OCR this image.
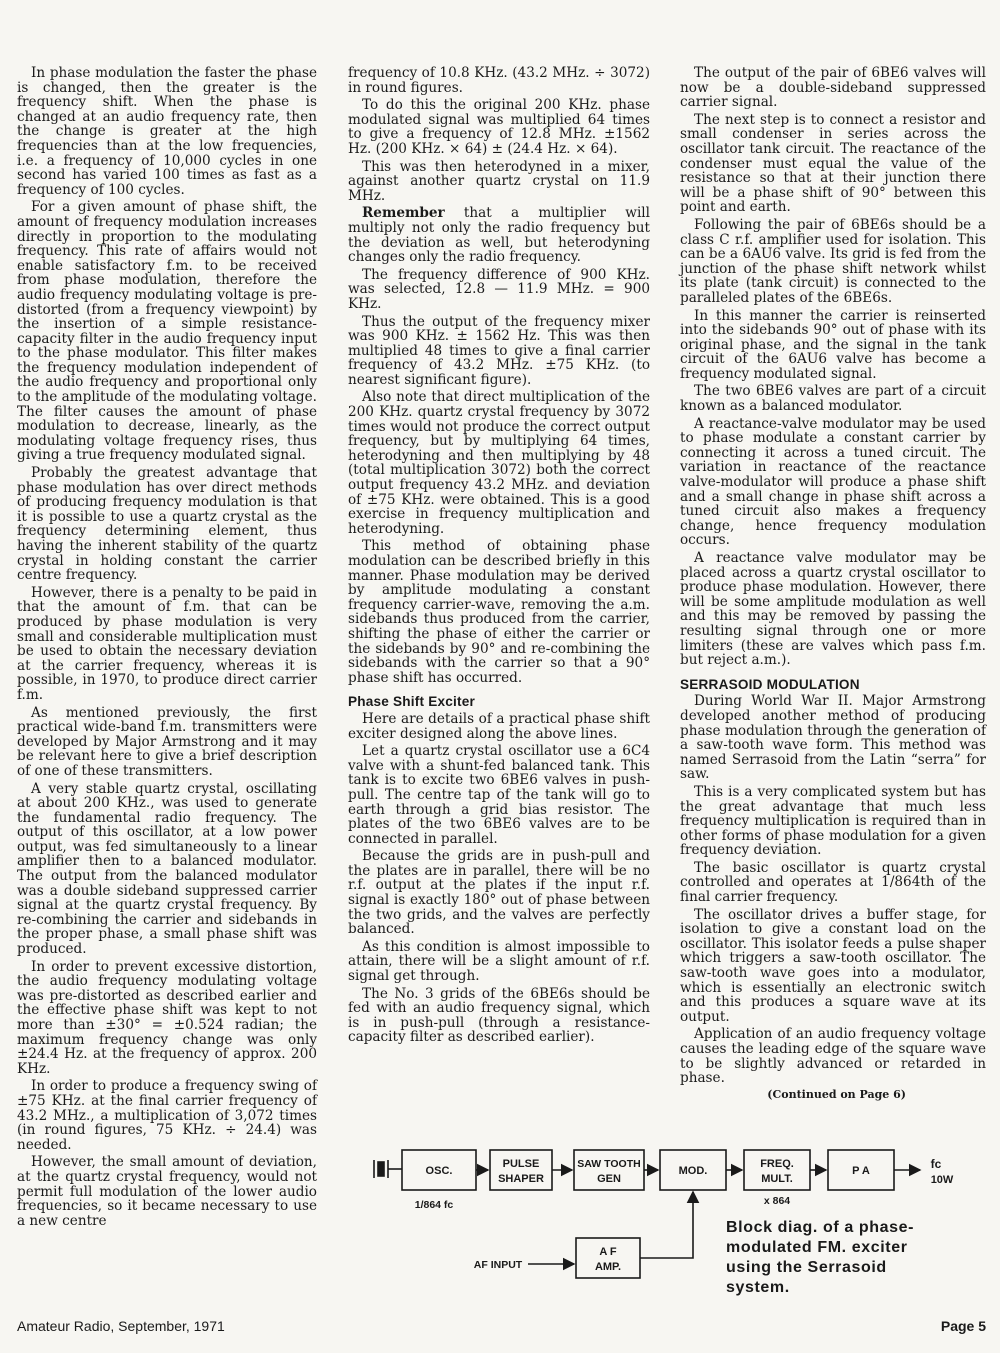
In phase modulation the faster the phase is changed, then the greater is the frequency shift. When the phase is changed at an audio frequency rate, then the change is greater at the high frequencies than at the low frequencies, i.e. a frequency of 10,000 cycles in one second has varied 100 times as fast as a frequency of 100 cycles.

For a given amount of phase shift, the amount of frequency modulation increases directly in proportion to the modulating frequency. This rate of affairs would not enable satisfactory f.m. to be received from phase modulation, therefore the audio frequency modulating voltage is pre-distorted (from a frequency viewpoint) by the insertion of a simple resistance-capacity filter in the audio frequency input to the phase modulator. This filter makes the frequency modulation independent of the audio frequency and proportional only to the amplitude of the modulating voltage. The filter causes the amount of phase modulation to decrease, linearly, as the modulating voltage frequency rises, thus giving a true frequency modulated signal.

Probably the greatest advantage that phase modulation has over direct methods of producing frequency modulation is that it is possible to use a quartz crystal as the frequency determining element, thus having the inherent stability of the quartz crystal in holding constant the carrier centre frequency.

However, there is a penalty to be paid in that the amount of f.m. that can be produced by phase modulation is very small and considerable multiplication must be used to obtain the necessary deviation at the carrier frequency, whereas it is possible, in 1970, to produce direct carrier f.m.

As mentioned previously, the first practical wide-band f.m. transmitters were developed by Major Armstrong and it may be relevant here to give a brief description of one of these transmitters.

A very stable quartz crystal, oscillating at about 200 KHz., was used to generate the fundamental radio frequency. The output of this oscillator, at a low power output, was fed simultaneously to a linear amplifier then to a balanced modulator. The output from the balanced modulator was a double sideband suppressed carrier signal at the quartz crystal frequency. By re-combining the carrier and sidebands in the proper phase, a small phase shift was produced.

In order to prevent excessive distortion, the audio frequency modulating voltage was pre-distorted as described earlier and the effective phase shift was kept to not more than ±30° = ±0.524 radian; the maximum frequency change was only ±24.4 Hz. at the frequency of approx. 200 KHz.

In order to produce a frequency swing of ±75 KHz. at the final carrier frequency of 43.2 MHz., a multiplication of 3,072 times (in round figures, 75 KHz. ÷ 24.4) was needed.

However, the small amount of deviation, at the quartz crystal frequency, would not permit full modulation of the lower audio frequencies, so it became necessary to use a new centre

frequency of 10.8 KHz. (43.2 MHz. ÷ 3072) in round figures.

To do this the original 200 KHz. phase modulated signal was multiplied 64 times to give a frequency of 12.8 MHz. ±1562 Hz. (200 KHz. × 64) ± (24.4 Hz. × 64).

This was then heterodyned in a mixer, against another quartz crystal on 11.9 MHz.

Remember that a multiplier will multiply not only the radio frequency but the deviation as well, but heterodyning changes only the radio frequency.

The frequency difference of 900 KHz. was selected, 12.8 — 11.9 MHz. = 900 KHz.

Thus the output of the frequency mixer was 900 KHz. ± 1562 Hz. This was then multiplied 48 times to give a final carrier frequency of 43.2 MHz. ±75 KHz. (to nearest significant figure).

Also note that direct multiplication of the 200 KHz. quartz crystal frequency by 3072 times would not produce the correct output frequency, but by multiplying 64 times, heterodyning and then multiplying by 48 (total multiplication 3072) both the correct output frequency 43.2 MHz. and deviation of ±75 KHz. were obtained. This is a good exercise in frequency multiplication and heterodyning.

This method of obtaining phase modulation can be described briefly in this manner. Phase modulation may be derived by amplitude modulating a constant frequency carrier-wave, removing the a.m. sidebands thus produced from the carrier, shifting the phase of either the carrier or the sidebands by 90° and re-combining the sidebands with the carrier so that a 90° phase shift has occurred.

Phase Shift Exciter

Here are details of a practical phase shift exciter designed along the above lines.

Let a quartz crystal oscillator use a 6C4 valve with a shunt-fed balanced tank. This tank is to excite two 6BE6 valves in push-pull. The centre tap of the tank will go to earth through a grid bias resistor. The plates of the two 6BE6 valves are to be connected in parallel.

Because the grids are in push-pull and the plates are in parallel, there will be no r.f. output at the plates if the input r.f. signal is exactly 180° out of phase between the two grids, and the valves are perfectly balanced.

As this condition is almost impossible to attain, there will be a slight amount of r.f. signal get through.

The No. 3 grids of the 6BE6s should be fed with an audio frequency signal, which is in push-pull (through a resistance-capacity filter as described earlier).

The output of the pair of 6BE6 valves will now be a double-sideband suppressed carrier signal.

The next step is to connect a resistor and small condenser in series across the oscillator tank circuit. The reactance of the condenser must equal the value of the resistance so that at their junction there will be a phase shift of 90° between this point and earth.

Following the pair of 6BE6s should be a class C r.f. amplifier used for isolation. This can be a 6AU6 valve. Its grid is fed from the junction of the phase shift network whilst its plate (tank circuit) is connected to the paralleled plates of the 6BE6s.

In this manner the carrier is reinserted into the sidebands 90° out of phase with its original phase, and the signal in the tank circuit of the 6AU6 valve has become a frequency modulated signal.

The two 6BE6 valves are part of a circuit known as a balanced modulator.

A reactance-valve modulator may be used to phase modulate a constant carrier by connecting it across a tuned circuit. The variation in reactance of the reactance valve-modulator will produce a phase shift and a small change in phase shift across a tuned circuit also makes a frequency change, hence frequency modulation occurs.

A reactance valve modulator may be placed across a quartz crystal oscillator to produce phase modulation. However, there will be some amplitude modulation as well and this may be removed by passing the resulting signal through one or more limiters (these are valves which pass f.m. but reject a.m.).

SERRASOID MODULATION

During World War II. Major Armstrong developed another method of producing phase modulation through the generation of a saw-tooth wave form. This method was named Serrasoid from the Latin “serra” for saw.

This is a very complicated system but has the great advantage that much less frequency multiplication is required than in other forms of phase modulation for a given frequency deviation.

The basic oscillator is quartz crystal controlled and operates at 1/864th of the final carrier frequency.

The oscillator drives a buffer stage, for isolation to give a constant load on the oscillator. This isolator feeds a pulse shaper which triggers a saw-tooth oscillator. The saw-tooth wave goes into a modulator, which is essentially an electronic switch and this produces a square wave at its output.

Application of an audio frequency voltage causes the leading edge of the square wave to be slightly advanced or retarded in phase.

(Continued on Page 6)
OSC.
PULSE
SHAPER
SAW TOOTH
GEN
MOD.
FREQ.
MULT.
P A
A F
AMP.
fc
10W
1/864 fc	x 864
AF INPUT
Block diag. of a phase-
modulated FM. exciter
using the Serrasoid
system.
Amateur Radio, September, 1971	Page 5
